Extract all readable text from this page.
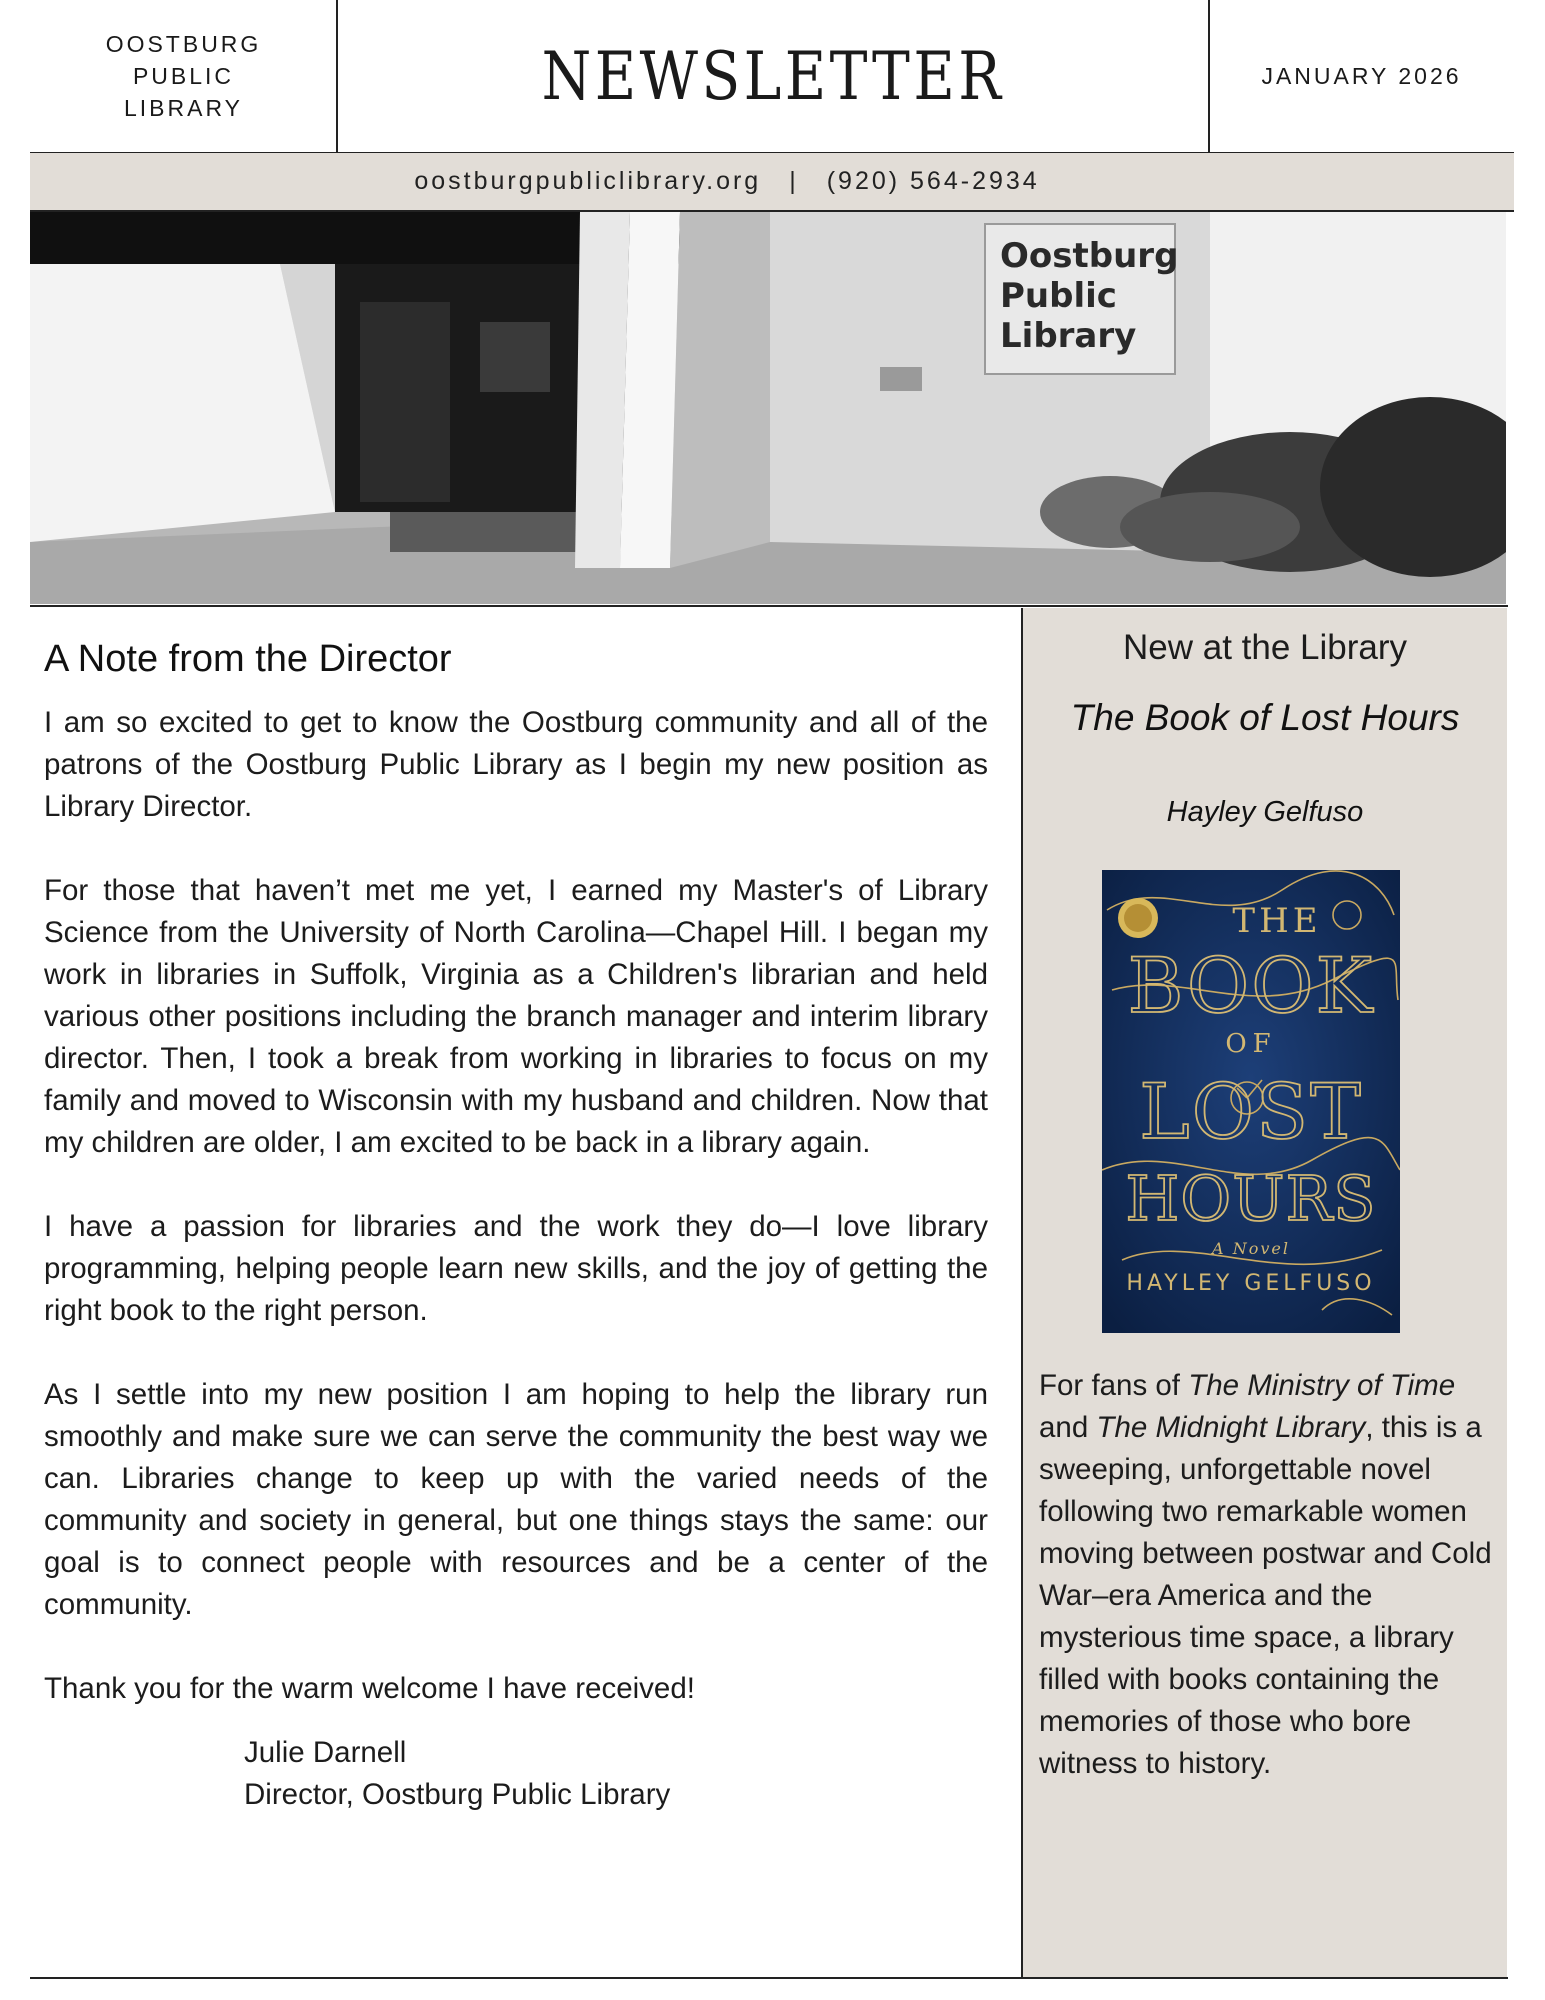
OOSTBURG
PUBLIC
LIBRARY	NEWSLETTER	JANUARY 2026
oostburgpubliclibrary.org | (920) 564-2934
Oostburg
Public
Library
A Note from the Director

I am so excited to get to know the Oostburg community and all of the patrons of the Oostburg Public Library as I begin my new position as Library Director.

For those that haven’t met me yet, I earned my Master's of Library Science from the University of North Carolina—Chapel Hill. I began my work in libraries in Suffolk, Virginia as a Children's librarian and held various other positions including the branch manager and interim library director. Then, I took a break from working in libraries to focus on my family and moved to Wisconsin with my husband and children. Now that my children are older, I am excited to be back in a library again.

I have a passion for libraries and the work they do—I love library programming, helping people learn new skills, and the joy of getting the right book to the right person.

As I settle into my new position I am hoping to help the library run smoothly and make sure we can serve the community the best way we can. Libraries change to keep up with the varied needs of the community and society in general, but one things stays the same: our goal is to connect people with resources and be a center of the community.

Thank you for the warm welcome I have received!

Julie Darnell
Director, Oostburg Public Library
New at the Library
The Book of Lost Hours
Hayley Gelfuso
THE
BOOK
OF
LOST
HOURS
A Novel
HAYLEY GELFUSO
For fans of The Ministry of Time and The Midnight Library, this is a sweeping, unforgettable novel following two remarkable women moving between postwar and Cold War–era America and the mysterious time space, a library filled with books containing the memories of those who bore witness to history.
